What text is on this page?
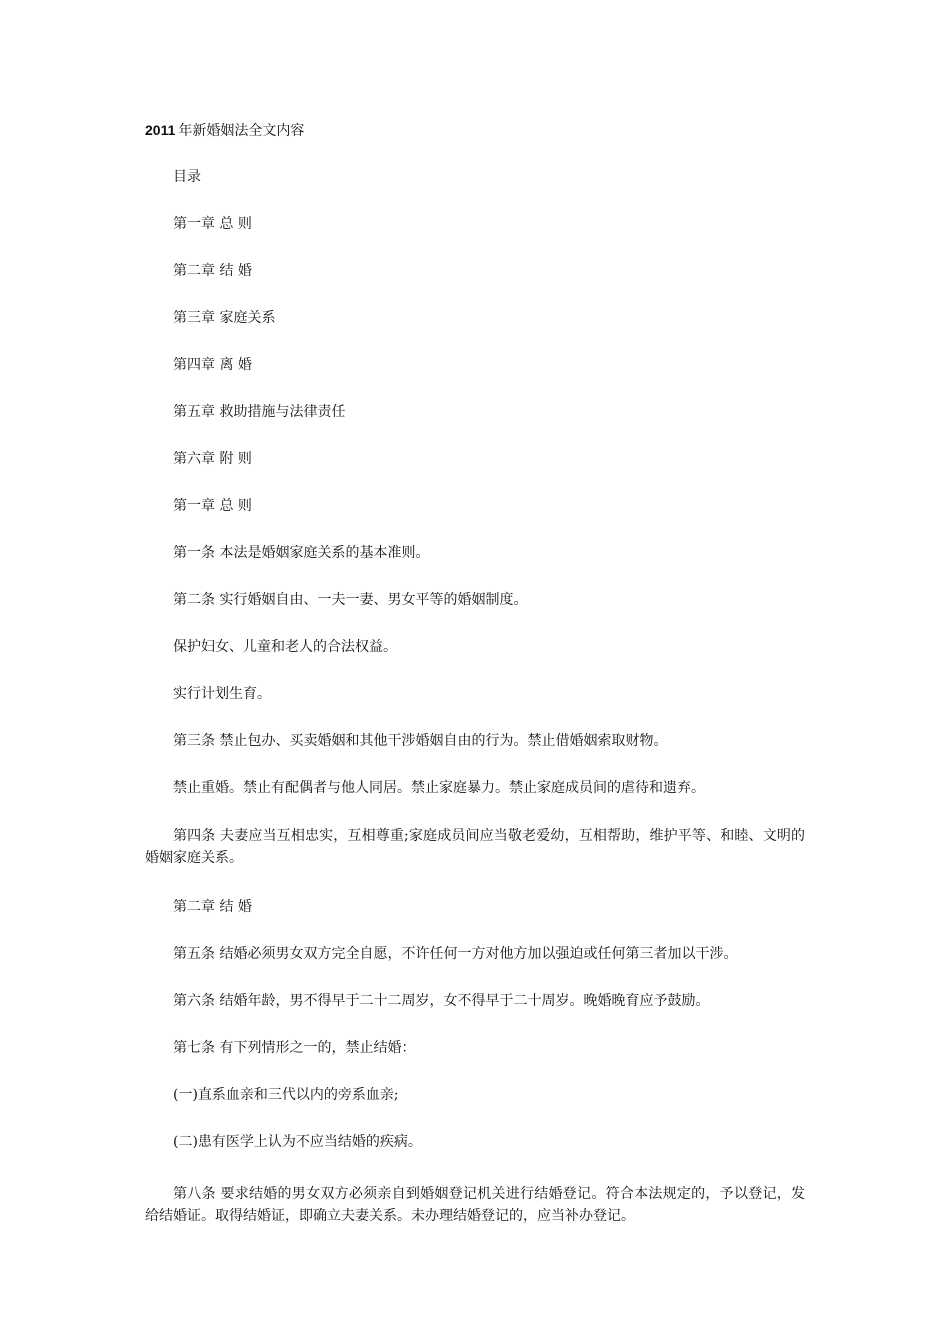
2011 年新婚姻法全文内容
目录
第一章 总 则
第二章 结 婚
第三章 家庭关系
第四章 离 婚
第五章 救助措施与法律责任
第六章 附 则
第一章 总 则
第一条 本法是婚姻家庭关系的基本准则。
第二条 实行婚姻自由、一夫一妻、男女平等的婚姻制度。
保护妇女、儿童和老人的合法权益。
实行计划生育。
第三条 禁止包办、买卖婚姻和其他干涉婚姻自由的行为。禁止借婚姻索取财物。
禁止重婚。禁止有配偶者与他人同居。禁止家庭暴力。禁止家庭成员间的虐待和遗弃。
第四条 夫妻应当互相忠实，互相尊重;家庭成员间应当敬老爱幼，互相帮助，维护平等、和睦、文明的婚姻家庭关系。
第二章 结 婚
第五条 结婚必须男女双方完全自愿，不许任何一方对他方加以强迫或任何第三者加以干涉。
第六条 结婚年龄，男不得早于二十二周岁，女不得早于二十周岁。晚婚晚育应予鼓励。
第七条 有下列情形之一的，禁止结婚：
(一)直系血亲和三代以内的旁系血亲;
(二)患有医学上认为不应当结婚的疾病。
第八条 要求结婚的男女双方必须亲自到婚姻登记机关进行结婚登记。符合本法规定的，予以登记，发给结婚证。取得结婚证，即确立夫妻关系。未办理结婚登记的，应当补办登记。
